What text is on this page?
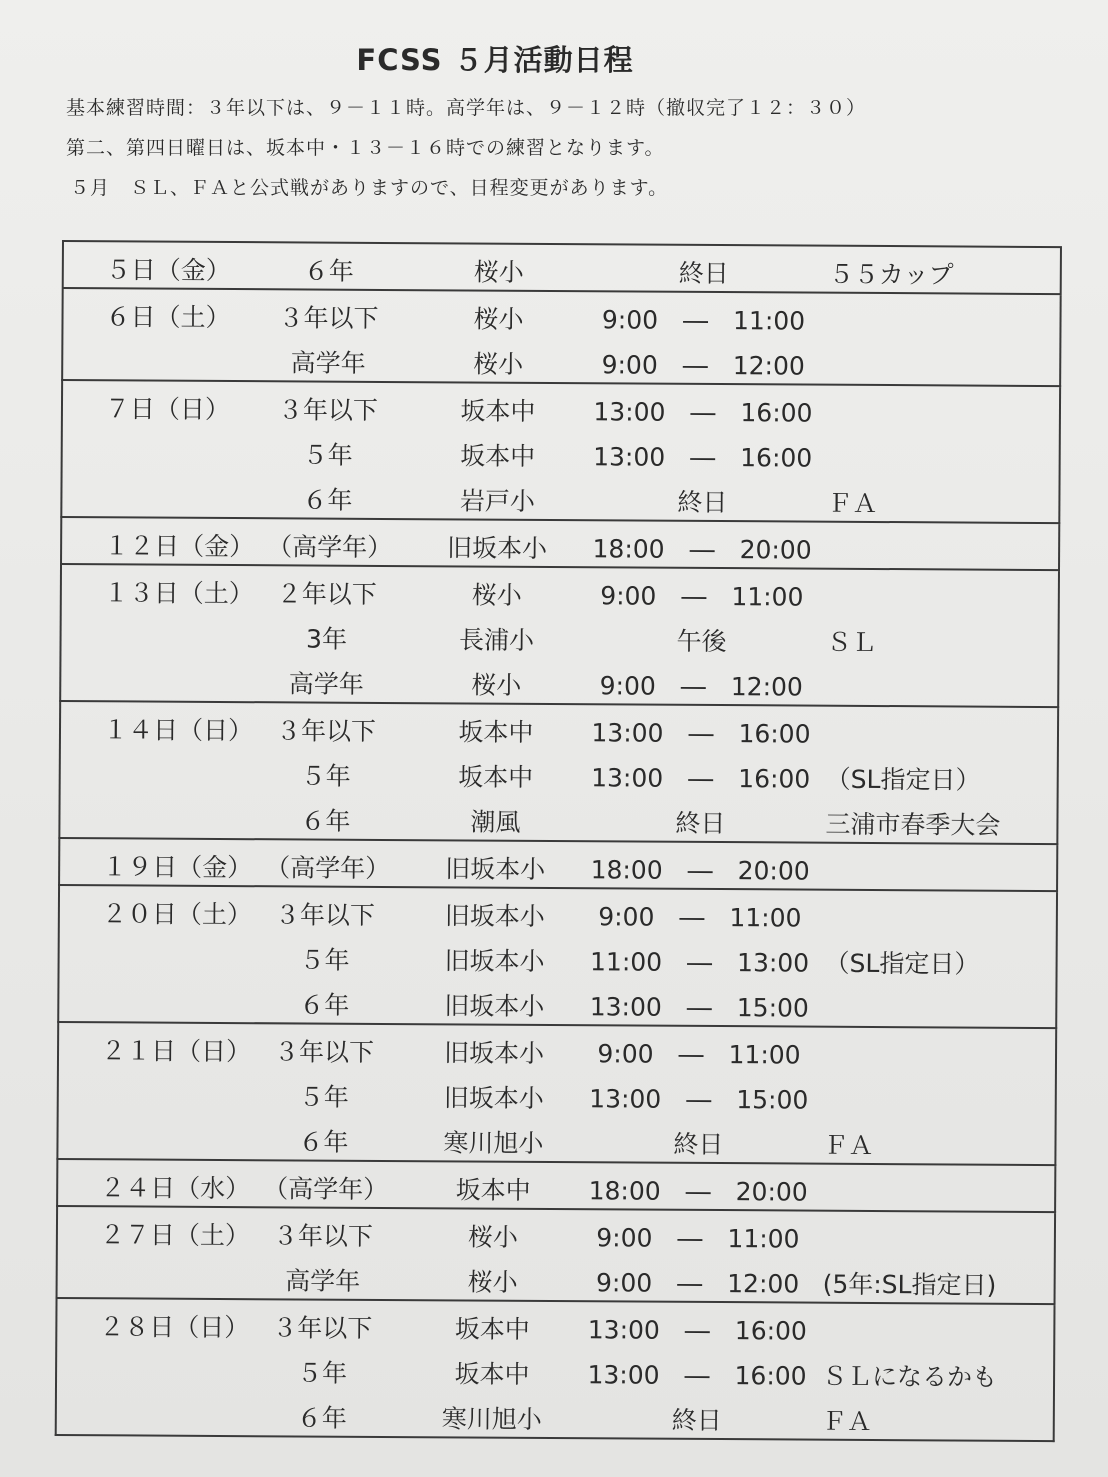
FCSS ５月活動日程
基本練習時間：３年以下は、９－１１時。高学年は、９－１２時（撤収完了１２：３０）
第二、第四日曜日は、坂本中・１３－１６時での練習となります。
５月　ＳＬ、ＦＡと公式戦がありますので、日程変更があります。
５日（金）	６年	桜小	終日	５５カップ
６日（土）	３年以下	桜小	9:00　―　11:00
高学年	桜小	9:00　―　12:00
７日（日）	３年以下	坂本中	13:00　―　16:00
５年	坂本中	13:00　―　16:00
６年	岩戸小	終日	ＦＡ
１２日（金） （高学年）	旧坂本小	18:00　―　20:00
１３日（土） ２年以下	桜小	9:00　―　11:00
3年	長浦小	午後	ＳＬ
高学年	桜小	9:00　―　12:00
１４日（日） ３年以下	坂本中	13:00　―　16:00
５年	坂本中	13:00　―　16:00 （SL指定日）
６年	潮風	終日	三浦市春季大会
１９日（金） （高学年）	旧坂本小	18:00　―　20:00
２０日（土） ３年以下	旧坂本小	9:00　―　11:00
５年	旧坂本小	11:00　―　13:00 （SL指定日）
６年	旧坂本小	13:00　―　15:00
２１日（日） ３年以下	旧坂本小	9:00　―　11:00
５年	旧坂本小	13:00　―　15:00
６年	寒川旭小	終日	ＦＡ
２４日（水） （高学年）	坂本中	18:00　―　20:00
２７日（土） ３年以下	桜小	9:00　―　11:00
高学年	桜小	9:00　―　12:00 (5年:SL指定日)
２８日（日） ３年以下	坂本中	13:00　―　16:00
５年	坂本中	13:00　―　16:00 ＳＬになるかも
６年	寒川旭小	終日	ＦＡ
